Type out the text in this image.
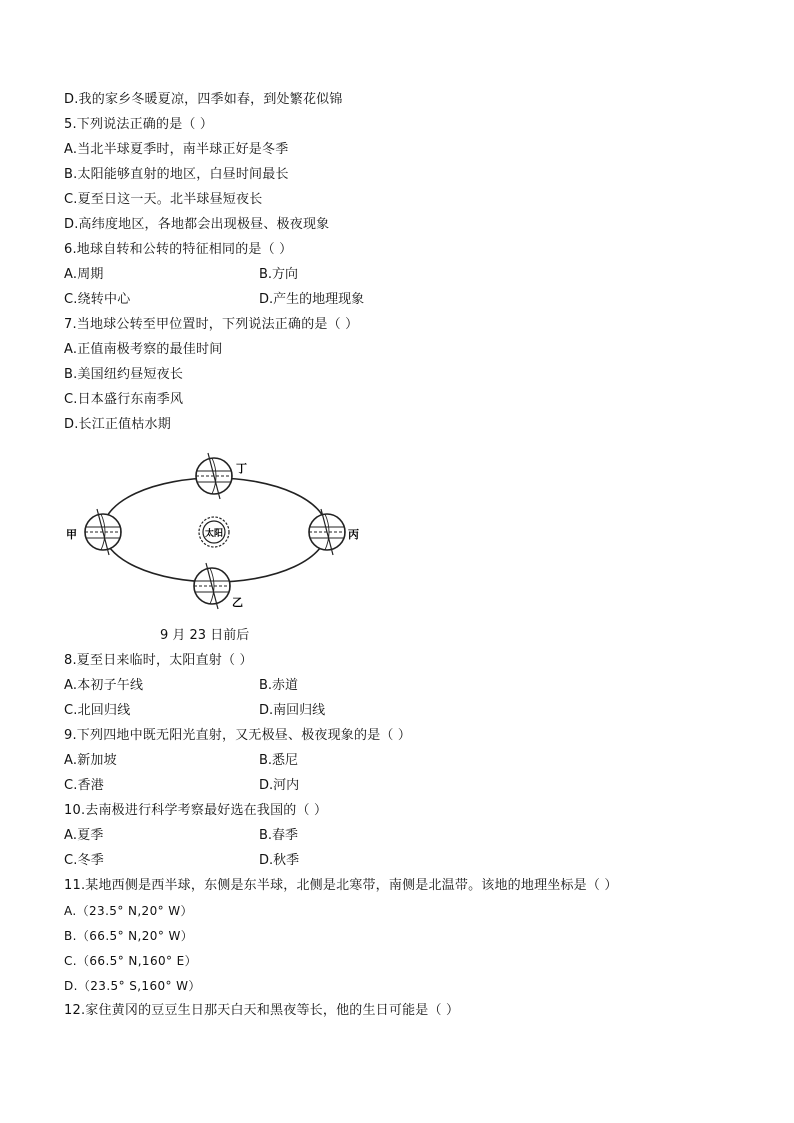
D.我的家乡冬暖夏凉，四季如春，到处繁花似锦
5.下列说法正确的是（ ）
A.当北半球夏季时，南半球正好是冬季
B.太阳能够直射的地区，白昼时间最长
C.夏至日这一天。北半球昼短夜长
D.高纬度地区，各地都会出现极昼、极夜现象
6.地球自转和公转的特征相同的是（ ）
A.周期	B.方向
C.绕转中心	D.产生的地理现象
7.当地球公转至甲位置时，下列说法正确的是（ ）
A.正值南极考察的最佳时间
B.美国纽约昼短夜长
C.日本盛行东南季风
D.长江正值枯水期
太阳
丁
甲	丙
乙
9 月 23 日前后
8.夏至日来临时，太阳直射（ ）
A.本初子午线	B.赤道
C.北回归线	D.南回归线
9.下列四地中既无阳光直射，又无极昼、极夜现象的是（ ）
A.新加坡	B.悉尼
C.香港	D.河内
10.去南极进行科学考察最好选在我国的（ ）
A.夏季	B.春季
C.冬季	D.秋季
11.某地西侧是西半球，东侧是东半球，北侧是北寒带，南侧是北温带。该地的地理坐标是（ ）
A.（23.5° N,20° W）
B.（66.5° N,20° W）
C.（66.5° N,160° E）
D.（23.5° S,160° W）
12.家住黄冈的豆豆生日那天白天和黑夜等长，他的生日可能是（ ）
